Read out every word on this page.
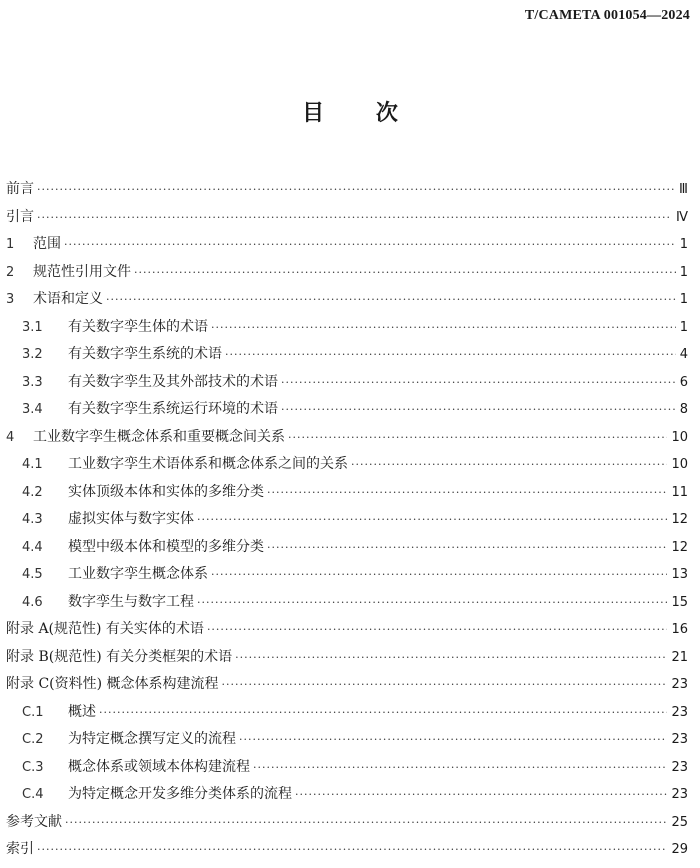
T/CAMETA 001054—2024
目 次
前言 ·····	Ⅲ
引言 ·····	Ⅳ
1	范围 ·····	1
2	规范性引用文件 ·····	1
3	术语和定义 ·····	1
3.1	有关数字孪生体的术语 ·····	1
3.2	有关数字孪生系统的术语 ·····	4
3.3	有关数字孪生及其外部技术的术语 ·····	6
3.4	有关数字孪生系统运行环境的术语 ·····	8
4	工业数字孪生概念体系和重要概念间关系 ·····	10
4.1	工业数字孪生术语体系和概念体系之间的关系 ·····	10
4.2	实体顶级本体和实体的多维分类 ·····	11
4.3	虚拟实体与数字实体 ·····	12
4.4	模型中级本体和模型的多维分类 ·····	12
4.5	工业数字孪生概念体系 ·····	13
4.6	数字孪生与数字工程 ·····	15
附录 A(规范性) 有关实体的术语 ·····	16
附录 B(规范性) 有关分类框架的术语 ·····	21
附录 C(资料性) 概念体系构建流程 ·····	23
C.1	概述 ·····	23
C.2	为特定概念撰写定义的流程 ·····	23
C.3	概念体系或领域本体构建流程 ·····	23
C.4	为特定概念开发多维分类体系的流程 ·····	23
参考文献 ·····	25
索引 ·····	29
